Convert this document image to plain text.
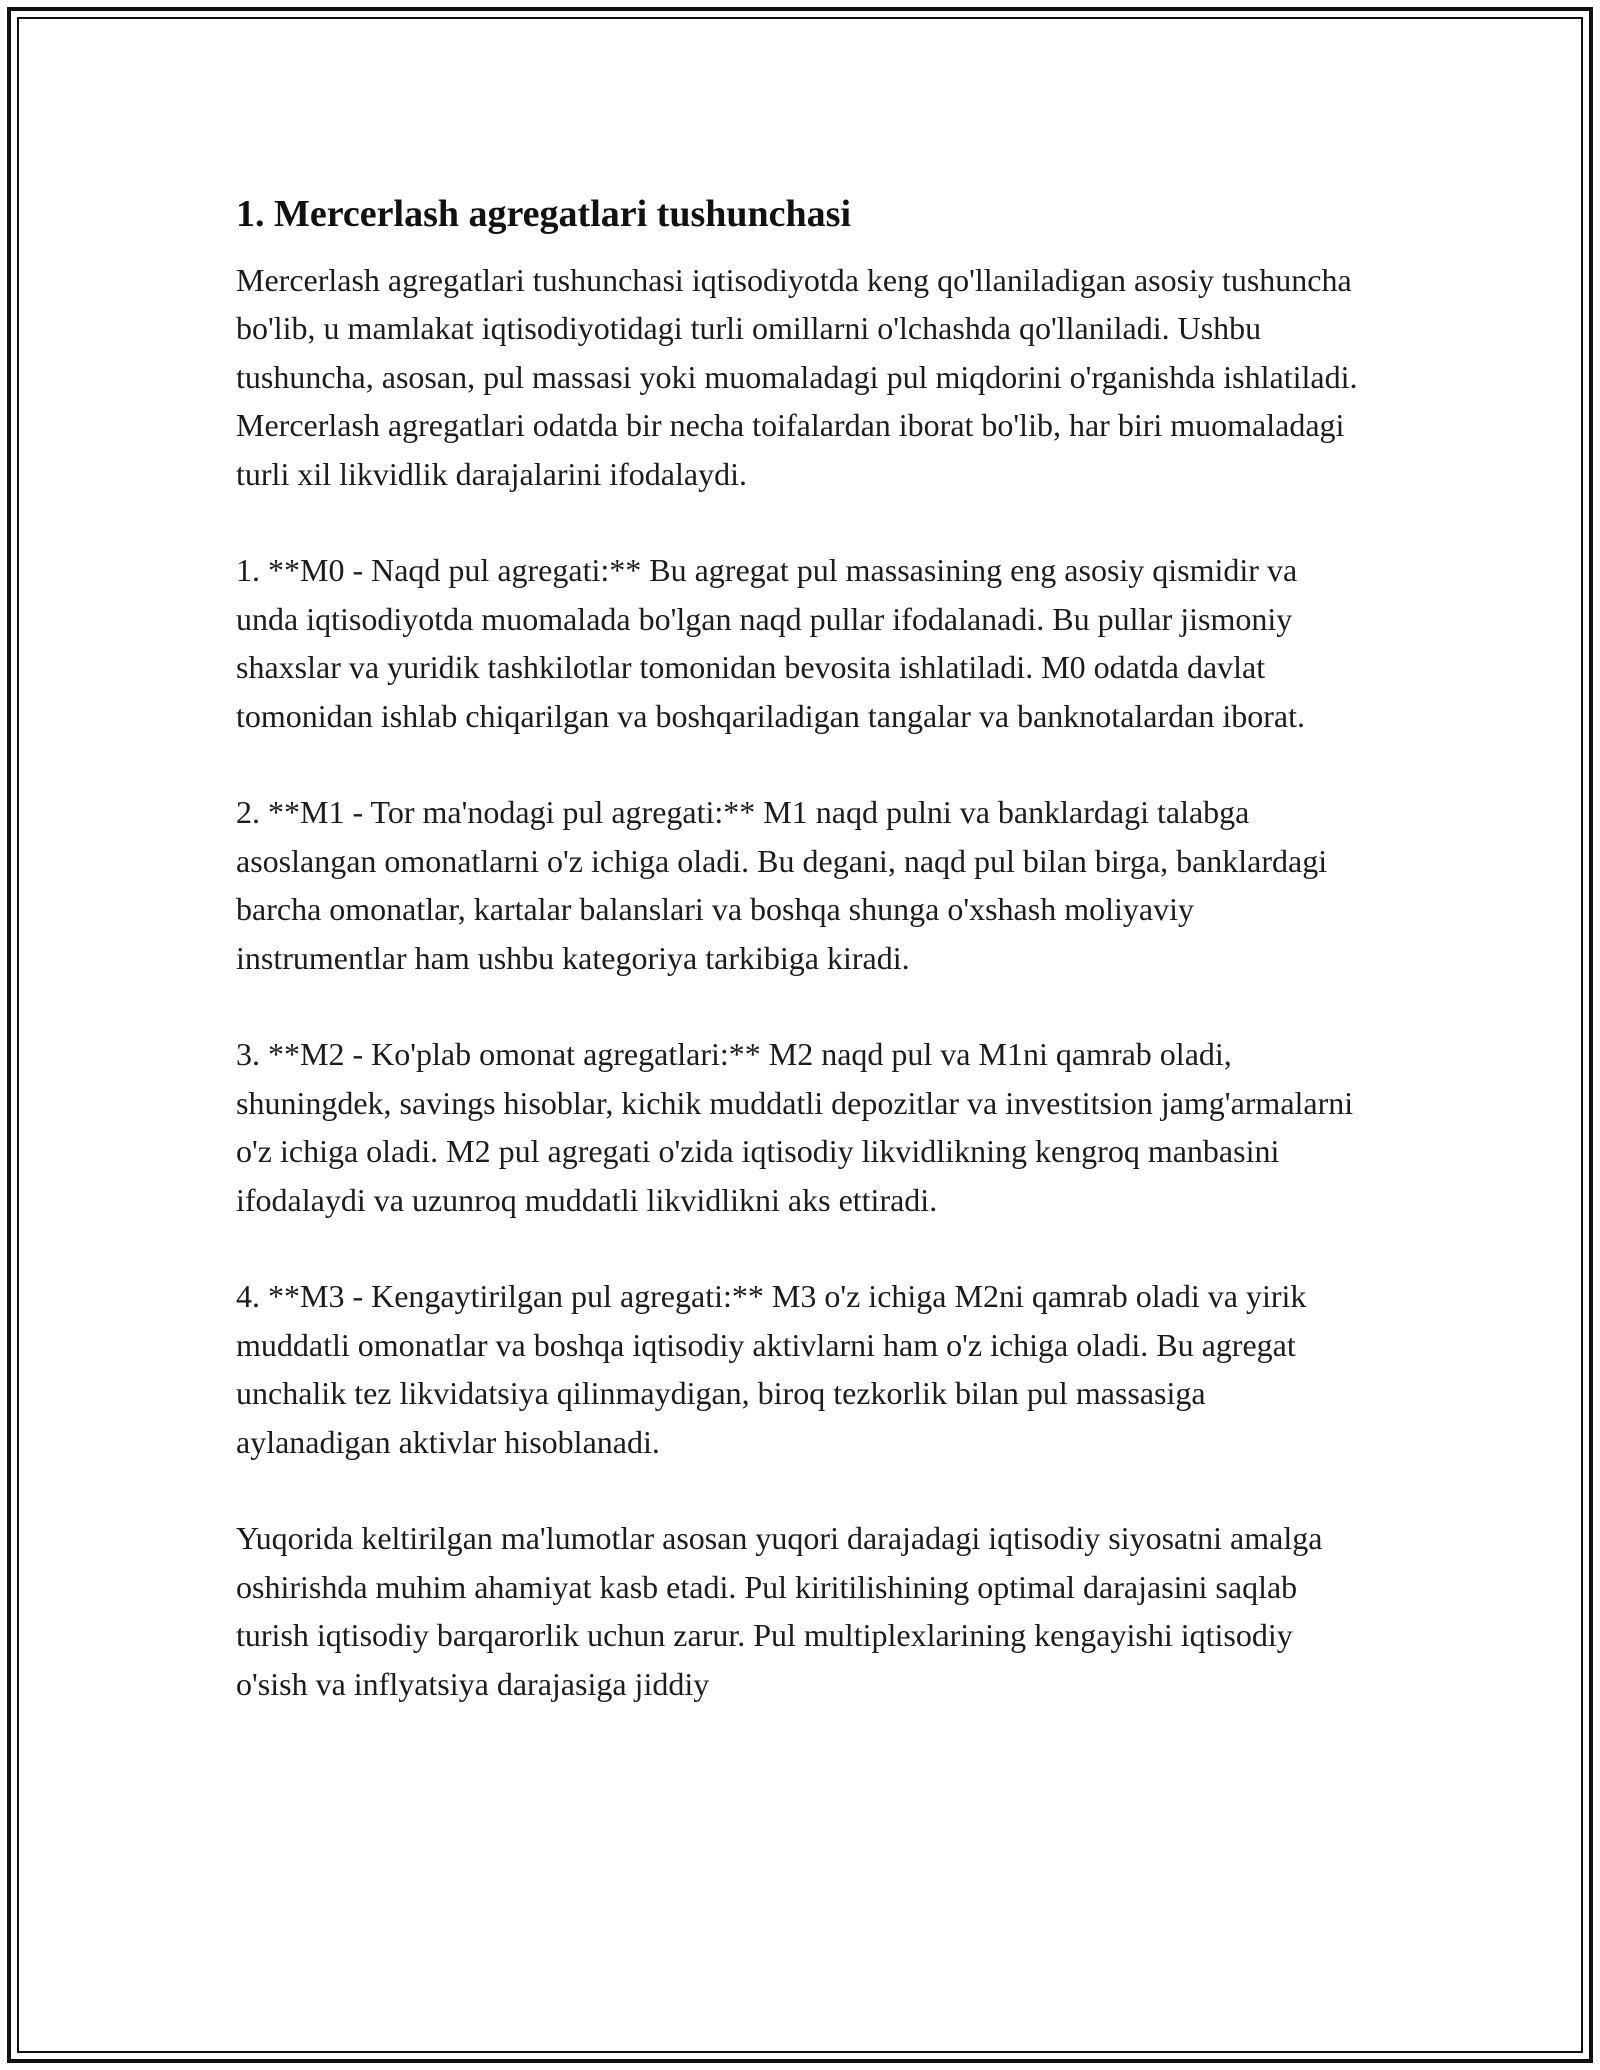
1. Mercerlash agregatlari tushunchasi

Mercerlash agregatlari tushunchasi iqtisodiyotda keng qo'llaniladigan asosiy tushuncha bo'lib, u mamlakat iqtisodiyotidagi turli omillarni o'lchashda qo'llaniladi. Ushbu tushuncha, asosan, pul massasi yoki muomaladagi pul miqdorini o'rganishda ishlatiladi. Mercerlash agregatlari odatda bir necha toifalardan iborat bo'lib, har biri muomaladagi turli xil likvidlik darajalarini ifodalaydi.

1. **M0 - Naqd pul agregati:** Bu agregat pul massasining eng asosiy qismidir va unda iqtisodiyotda muomalada bo'lgan naqd pullar ifodalanadi. Bu pullar jismoniy shaxslar va yuridik tashkilotlar tomonidan bevosita ishlatiladi. M0 odatda davlat tomonidan ishlab chiqarilgan va boshqariladigan tangalar va banknotalardan iborat.

2. **M1 - Tor ma'nodagi pul agregati:** M1 naqd pulni va banklardagi talabga asoslangan omonatlarni o'z ichiga oladi. Bu degani, naqd pul bilan birga, banklardagi barcha omonatlar, kartalar balanslari va boshqa shunga o'xshash moliyaviy instrumentlar ham ushbu kategoriya tarkibiga kiradi.

3. **M2 - Ko'plab omonat agregatlari:** M2 naqd pul va M1ni qamrab oladi, shuningdek, savings hisoblar, kichik muddatli depozitlar va investitsion jamg'armalarni o'z ichiga oladi. M2 pul agregati o'zida iqtisodiy likvidlikning kengroq manbasini ifodalaydi va uzunroq muddatli likvidlikni aks ettiradi.

4. **M3 - Kengaytirilgan pul agregati:** M3 o'z ichiga M2ni qamrab oladi va yirik muddatli omonatlar va boshqa iqtisodiy aktivlarni ham o'z ichiga oladi. Bu agregat unchalik tez likvidatsiya qilinmaydigan, biroq tezkorlik bilan pul massasiga aylanadigan aktivlar hisoblanadi.

Yuqorida keltirilgan ma'lumotlar asosan yuqori darajadagi iqtisodiy siyosatni amalga oshirishda muhim ahamiyat kasb etadi. Pul kiritilishining optimal darajasini saqlab turish iqtisodiy barqarorlik uchun zarur. Pul multiplexlarining kengayishi iqtisodiy o'sish va inflyatsiya darajasiga jiddiy
